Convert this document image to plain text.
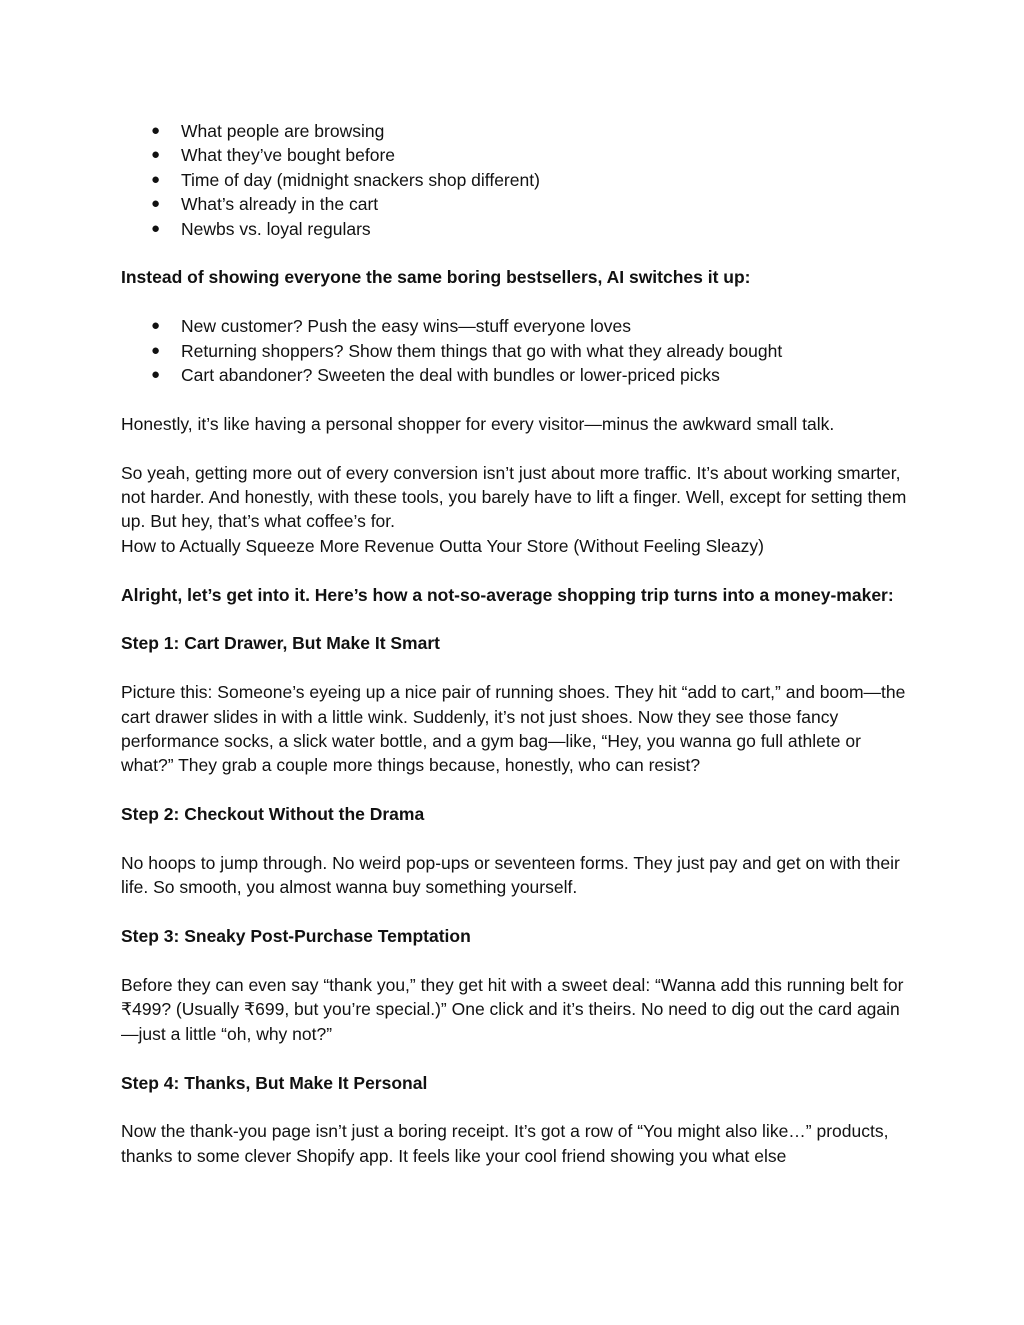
● What people are browsing
● What they’ve bought before
● Time of day (midnight snackers shop different)
● What’s already in the cart
● Newbs vs. loyal regulars

Instead of showing everyone the same boring bestsellers, AI switches it up:

● New customer? Push the easy wins—stuff everyone loves
● Returning shoppers? Show them things that go with what they already bought
● Cart abandoner? Sweeten the deal with bundles or lower-priced picks

Honestly, it’s like having a personal shopper for every visitor—minus the awkward small talk.

So yeah, getting more out of every conversion isn’t just about more traffic. It’s about working smarter, not harder. And honestly, with these tools, you barely have to lift a finger. Well, except for setting them up. But hey, that’s what coffee’s for.

How to Actually Squeeze More Revenue Outta Your Store (Without Feeling Sleazy)

Alright, let’s get into it. Here’s how a not-so-average shopping trip turns into a money-maker:

Step 1: Cart Drawer, But Make It Smart

Picture this: Someone’s eyeing up a nice pair of running shoes. They hit “add to cart,” and boom—the cart drawer slides in with a little wink. Suddenly, it’s not just shoes. Now they see those fancy performance socks, a slick water bottle, and a gym bag—like, “Hey, you wanna go full athlete or what?” They grab a couple more things because, honestly, who can resist?

Step 2: Checkout Without the Drama

No hoops to jump through. No weird pop-ups or seventeen forms. They just pay and get on with their life. So smooth, you almost wanna buy something yourself.

Step 3: Sneaky Post-Purchase Temptation

Before they can even say “thank you,” they get hit with a sweet deal: “Wanna add this running belt for ₹499? (Usually ₹699, but you’re special.)” One click and it’s theirs. No need to dig out the card again—just a little “oh, why not?”

Step 4: Thanks, But Make It Personal

Now the thank-you page isn’t just a boring receipt. It’s got a row of “You might also like…” products, thanks to some clever Shopify app. It feels like your cool friend showing you what else
